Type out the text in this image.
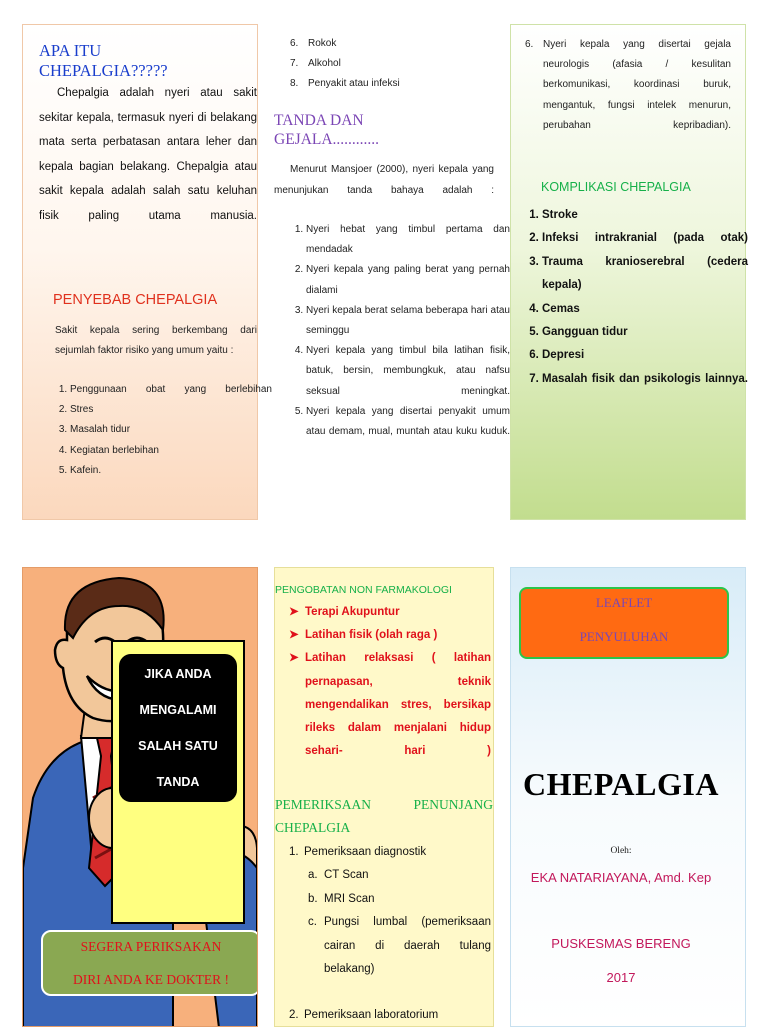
APA ITU CHEPALGIA?????
Chepalgia adalah nyeri atau sakit sekitar kepala, termasuk nyeri di belakang mata serta perbatasan antara leher dan kepala bagian belakang. Chepalgia atau sakit kepala adalah salah satu keluhan fisik paling utama manusia.
PENYEBAB CHEPALGIA
Sakit kepala sering berkembang dari sejumlah faktor risiko yang umum yaitu :
1. Penggunaan obat yang berlebihan
2. Stres
3. Masalah tidur
4. Kegiatan berlebihan
5. Kafein.
6. Rokok
7. Alkohol
8. Penyakit atau infeksi
TANDA DAN
GEJALA............
Menurut Mansjoer (2000), nyeri kepala yang menunjukan tanda bahaya adalah :
1. Nyeri hebat yang timbul pertama dan mendadak
2. Nyeri kepala yang paling berat yang pernah dialami
3. Nyeri kepala berat selama beberapa hari atau seminggu
4. Nyeri kepala yang timbul bila latihan fisik, batuk, bersin, membungkuk, atau nafsu seksual meningkat.
5. Nyeri kepala yang disertai penyakit umum atau demam, mual, muntah atau kuku kuduk.
6. Nyeri kepala yang disertai gejala neurologis (afasia / kesulitan berkomunikasi, koordinasi buruk, mengantuk, fungsi intelek menurun, perubahan kepribadian).
KOMPLIKASI CHEPALGIA
1. Stroke
2. Infeksi intrakranial (pada otak)
3. Trauma kranioserebral (cedera kepala)
4. Cemas
5. Gangguan tidur
6. Depresi
7. Masalah fisik dan psikologis lainnya.
JIKA ANDA
MENGALAMI
SALAH SATU
TANDA
SEGERA PERIKSAKAN
DIRI ANDA KE DOKTER !
PENGOBATAN NON FARMAKOLOGI
➤ Terapi Akupuntur
➤ Latihan fisik (olah raga )
➤ Latihan relaksasi ( latihan pernapasan, teknik mengendalikan stres, bersikap rileks dalam menjalani hidup sehari- hari )
PEMERIKSAAN PENUNJANG
CHEPALGIA
1. Pemeriksaan diagnostik
a. CT Scan
b. MRI Scan
c. Pungsi lumbal (pemeriksaan cairan di daerah tulang belakang)
2. Pemeriksaan laboratorium
LEAFLET
PENYULUHAN
CHEPALGIA
Oleh:
EKA NATARIAYANA, Amd. Kep
PUSKESMAS BERENG
2017
